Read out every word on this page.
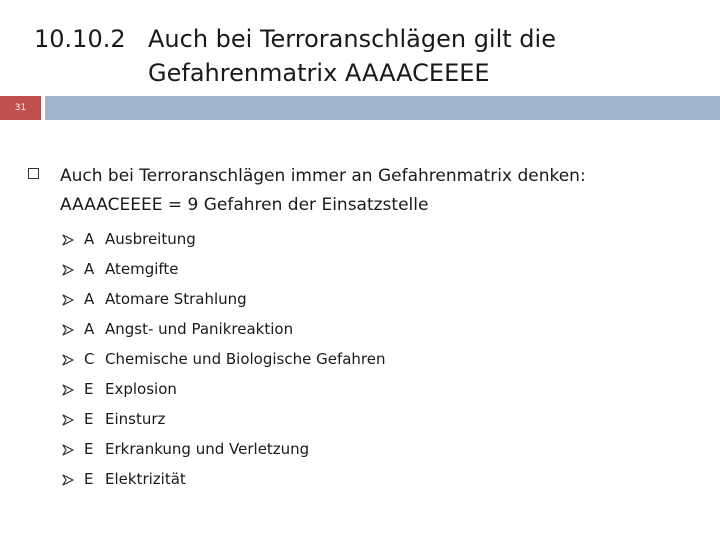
10.10.2 Auch bei Terroranschlägen gilt die
Gefahrenmatrix AAAACEEEE
31
Auch bei Terroranschlägen immer an Gefahrenmatrix denken:
AAAACEEEE = 9 Gefahren der Einsatzstelle
A Ausbreitung
A Atemgifte
A Atomare Strahlung
A Angst- und Panikreaktion
C Chemische und Biologische Gefahren
E Explosion
E Einsturz
E Erkrankung und Verletzung
E Elektrizität
